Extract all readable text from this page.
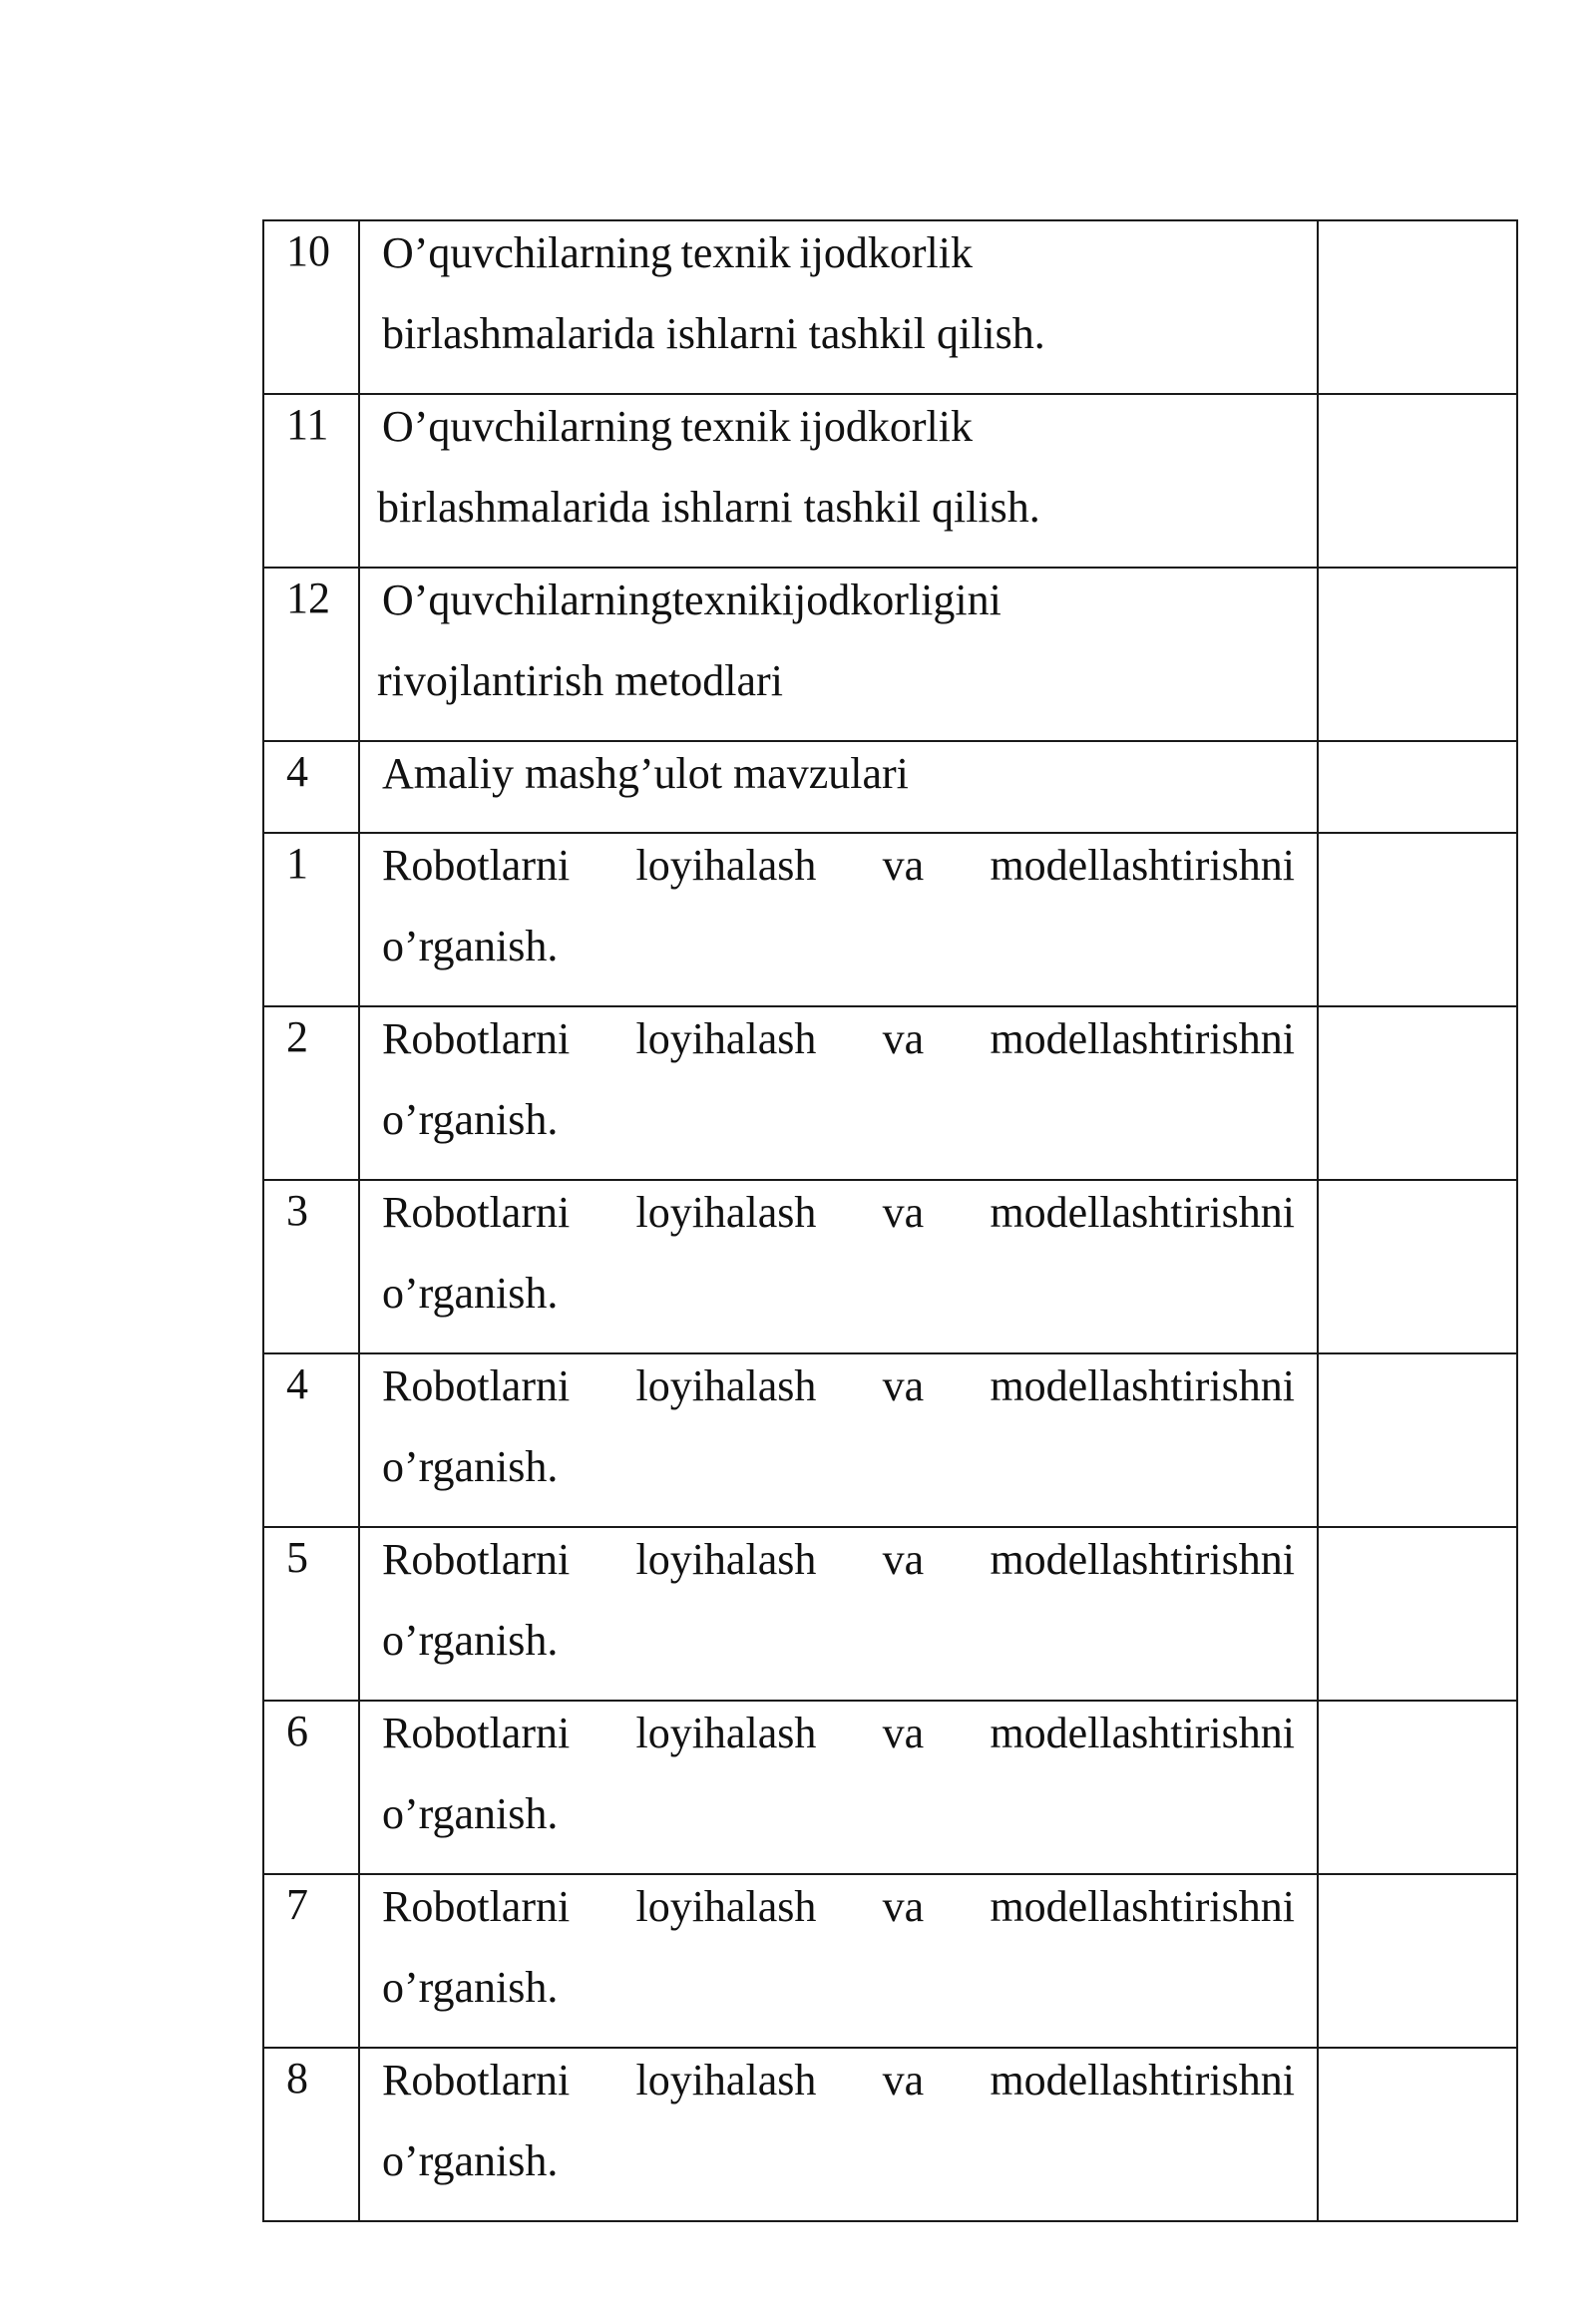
10	O’quvchilarning texnik ijodkorlik
birlashmalarida ishlarni tashkil qilish.	

11	O’quvchilarning texnik ijodkorlik
birlashmalarida ishlarni tashkil qilish.	

12	O’quvchilarning texnik ijodkorligini
rivojlantirish metodlari	

4	Amaliy mashg’ulot mavzulari	

1	Robotlarni loyihalash va modellashtirishni
o’rganish.	

2	Robotlarni loyihalash va modellashtirishni
o’rganish.	

3	Robotlarni loyihalash va modellashtirishni
o’rganish.	

4	Robotlarni loyihalash va modellashtirishni
o’rganish.	

5	Robotlarni loyihalash va modellashtirishni
o’rganish.	

6	Robotlarni loyihalash va modellashtirishni
o’rganish.	

7	Robotlarni loyihalash va modellashtirishni
o’rganish.	

8	Robotlarni loyihalash va modellashtirishni
o’rganish.	
